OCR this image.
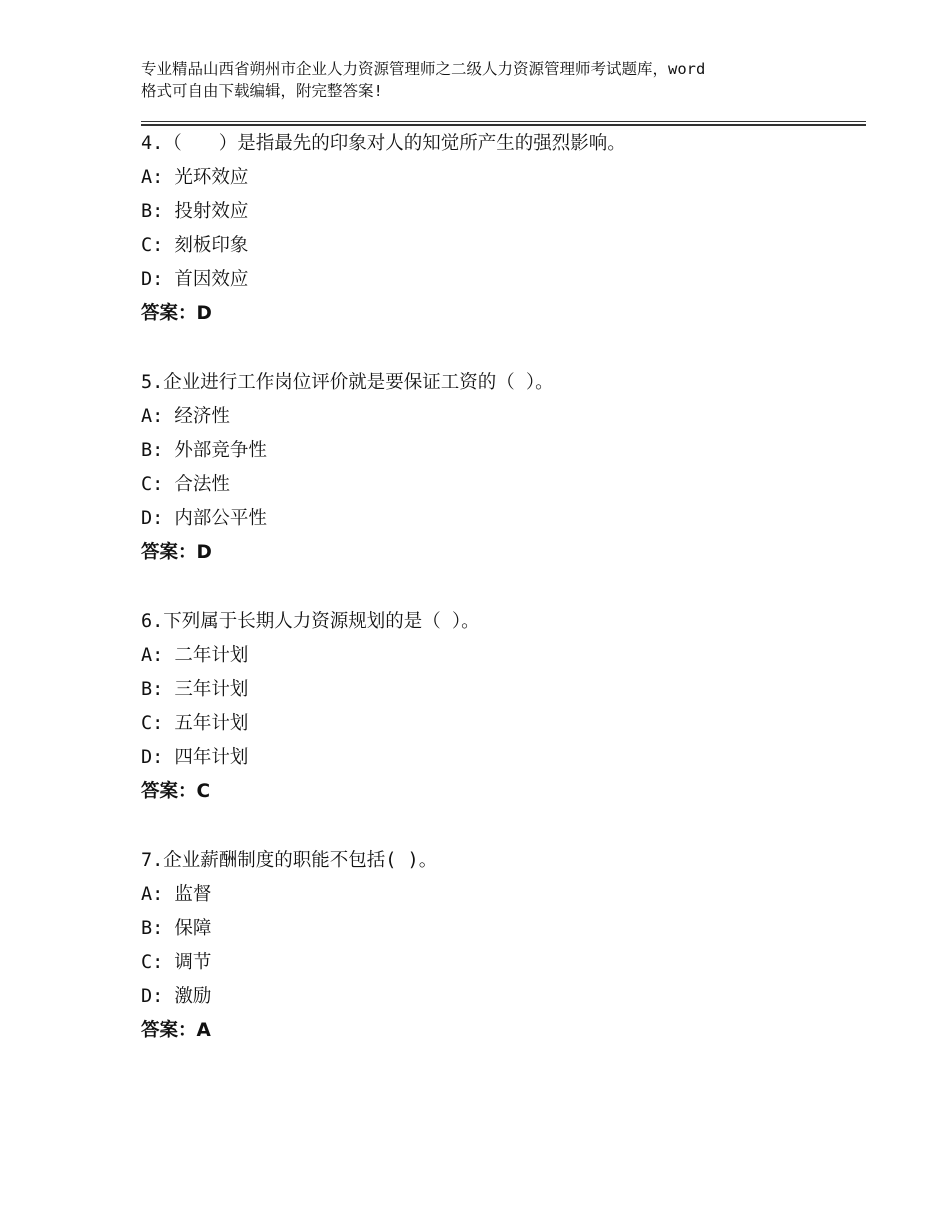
专业精品山西省朔州市企业人力资源管理师之二级人力资源管理师考试题库，word
格式可自由下载编辑，附完整答案!
4.（　　）是指最先的印象对人的知觉所产生的强烈影响。
A: 光环效应
B: 投射效应
C: 刻板印象
D: 首因效应
答案：D
5.企业进行工作岗位评价就是要保证工资的（ ）。
A: 经济性
B: 外部竞争性
C: 合法性
D: 内部公平性
答案：D
6.下列属于长期人力资源规划的是（ ）。
A: 二年计划
B: 三年计划
C: 五年计划
D: 四年计划
答案：C
7.企业薪酬制度的职能不包括( )。
A: 监督
B: 保障
C: 调节
D: 激励
答案：A
